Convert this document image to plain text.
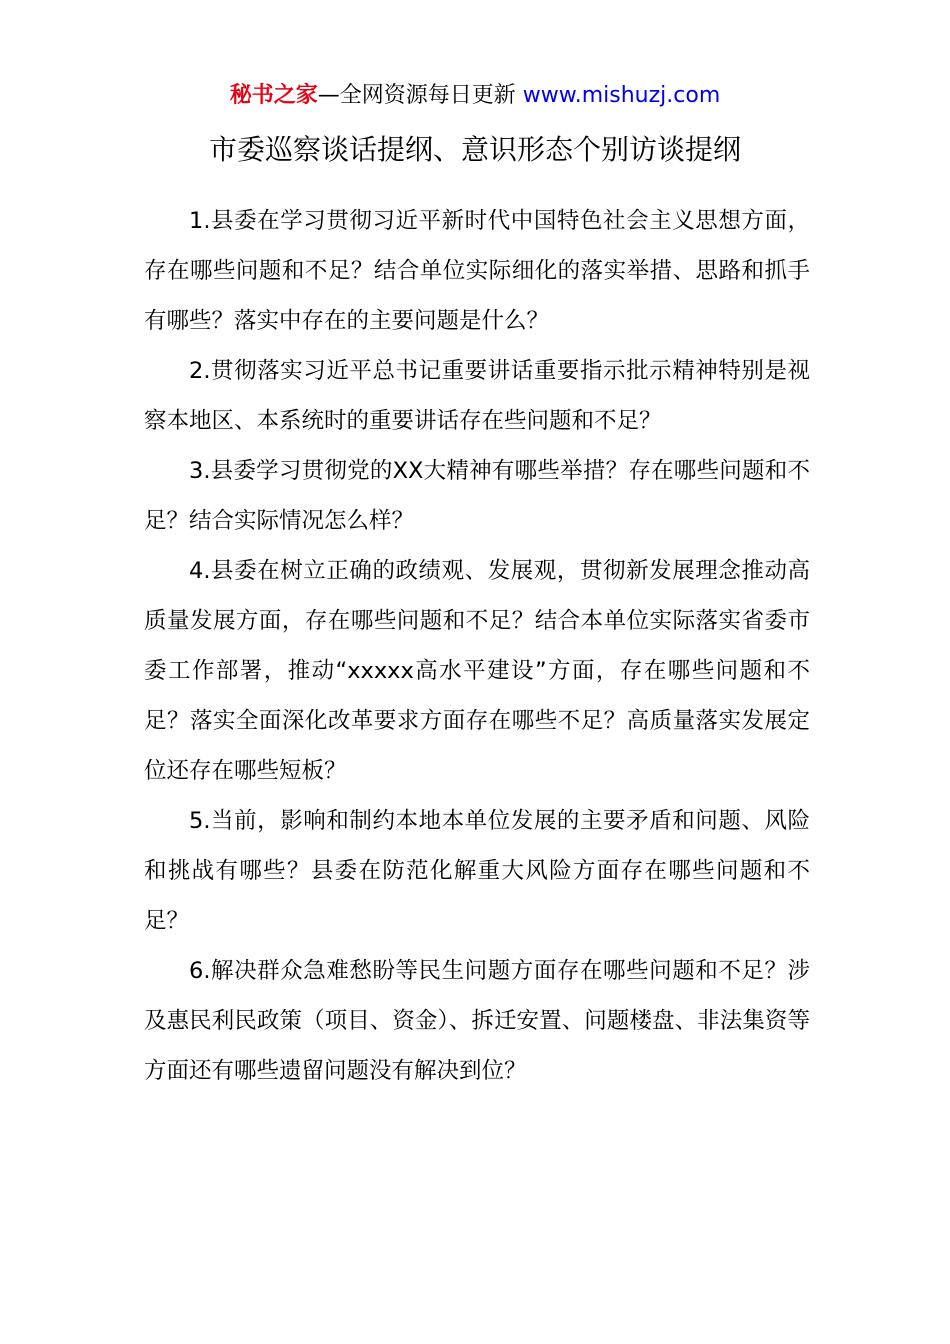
秘书之家—全网资源每日更新 www.mishuzj.com
市委巡察谈话提纲、意识形态个别访谈提纲

1.县委在学习贯彻习近平新时代中国特色社会主义思想方面，存在哪些问题和不足？结合单位实际细化的落实举措、思路和抓手有哪些？落实中存在的主要问题是什么？

2.贯彻落实习近平总书记重要讲话重要指示批示精神特别是视察本地区、本系统时的重要讲话存在些问题和不足？

3.县委学习贯彻党的XX大精神有哪些举措？存在哪些问题和不足？结合实际情况怎么样？

4.县委在树立正确的政绩观、发展观，贯彻新发展理念推动高质量发展方面，存在哪些问题和不足？结合本单位实际落实省委市委工作部署，推动“xxxxx高水平建设”方面，存在哪些问题和不足？落实全面深化改革要求方面存在哪些不足？高质量落实发展定位还存在哪些短板？

5.当前，影响和制约本地本单位发展的主要矛盾和问题、风险和挑战有哪些？县委在防范化解重大风险方面存在哪些问题和不足？

6.解决群众急难愁盼等民生问题方面存在哪些问题和不足？涉及惠民利民政策（项目、资金）、拆迁安置、问题楼盘、非法集资等方面还有哪些遗留问题没有解决到位？
